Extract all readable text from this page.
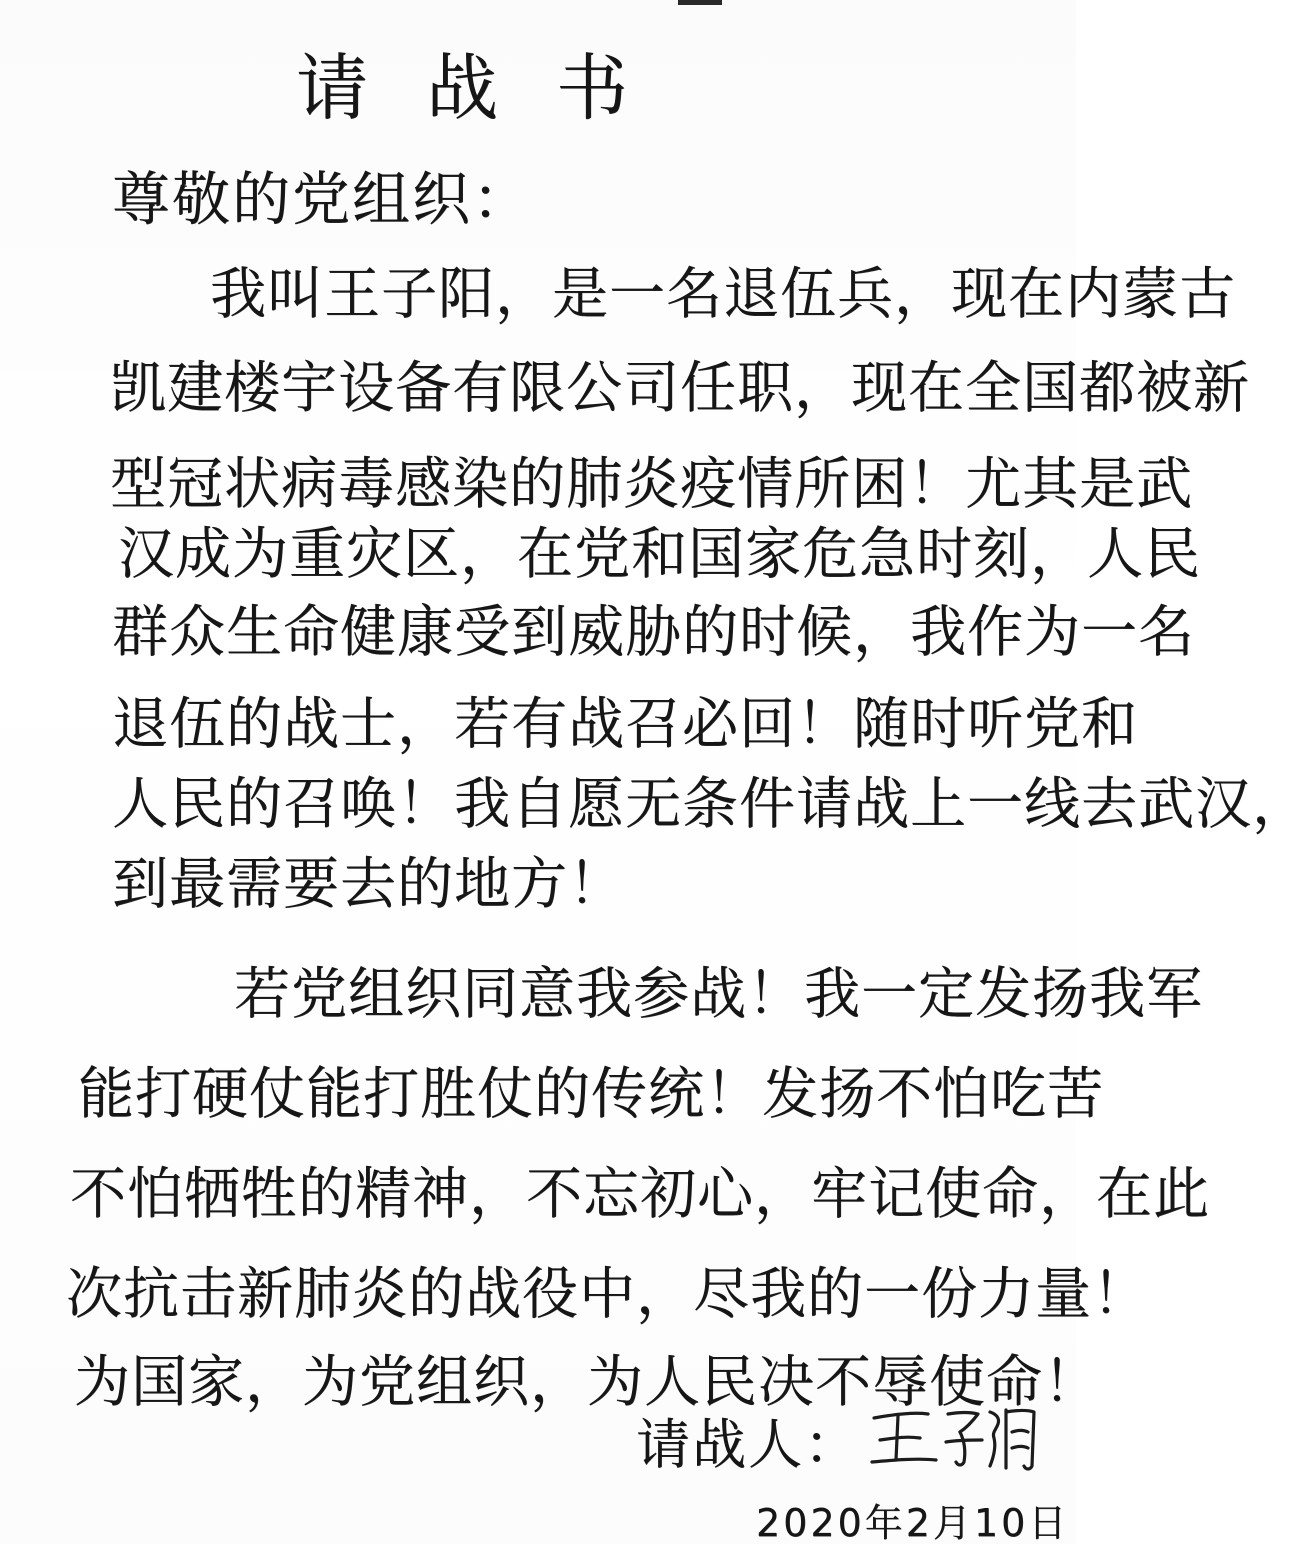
请战书
尊敬的党组织：
我叫王子阳，是一名退伍兵，现在内蒙古
凯建楼宇设备有限公司任职，现在全国都被新
型冠状病毒感染的肺炎疫情所困！尤其是武
汉成为重灾区，在党和国家危急时刻，人民
群众生命健康受到威胁的时候，我作为一名
退伍的战士，若有战召必回！随时听党和
人民的召唤！我自愿无条件请战上一线去武汉，
到最需要去的地方！
若党组织同意我参战！我一定发扬我军
能打硬仗能打胜仗的传统！发扬不怕吃苦
不怕牺牲的精神，不忘初心，牢记使命，在此
次抗击新肺炎的战役中，尽我的一份力量！
为国家，为党组织，为人民决不辱使命！
请战人：
2020年2月10日
